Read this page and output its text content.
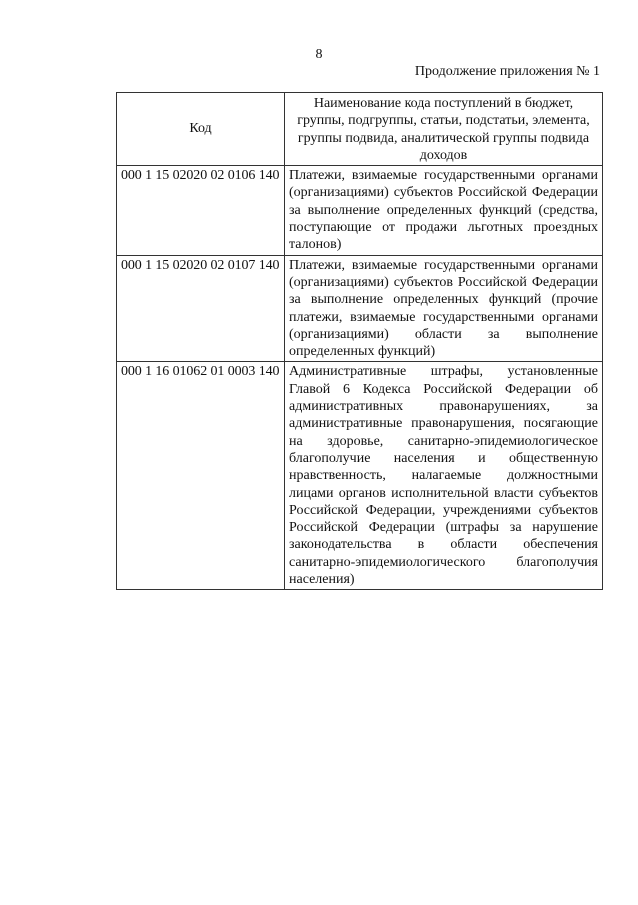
8
Продолжение приложения № 1
Код	Наименование кода поступлений в бюджет, группы, подгруппы, статьи, подстатьи, элемента, группы подвида, аналитической группы подвида доходов
000 1 15 02020 02 0106 140	Платежи, взимаемые государственными органами (организациями) субъектов Российской Федерации за выполнение определенных функций (средства, поступающие от продажи льготных проездных талонов)
000 1 15 02020 02 0107 140	Платежи, взимаемые государственными органами (организациями) субъектов Российской Федерации за выполнение определенных функций (прочие платежи, взимаемые государственными органами (организациями) области за выполнение определенных функций)
000 1 16 01062 01 0003 140	Административные штрафы, установленные Главой 6 Кодекса Российской Федерации об административных правонарушениях, за административные правонарушения, посягающие на здоровье, санитарно-эпидемиологическое благополучие населения и общественную нравственность, налагаемые должностными лицами органов исполнительной власти субъектов Российской Федерации, учреждениями субъектов Российской Федерации (штрафы за нарушение законодательства в области обеспечения санитарно-эпидемиологического благополучия населения)
